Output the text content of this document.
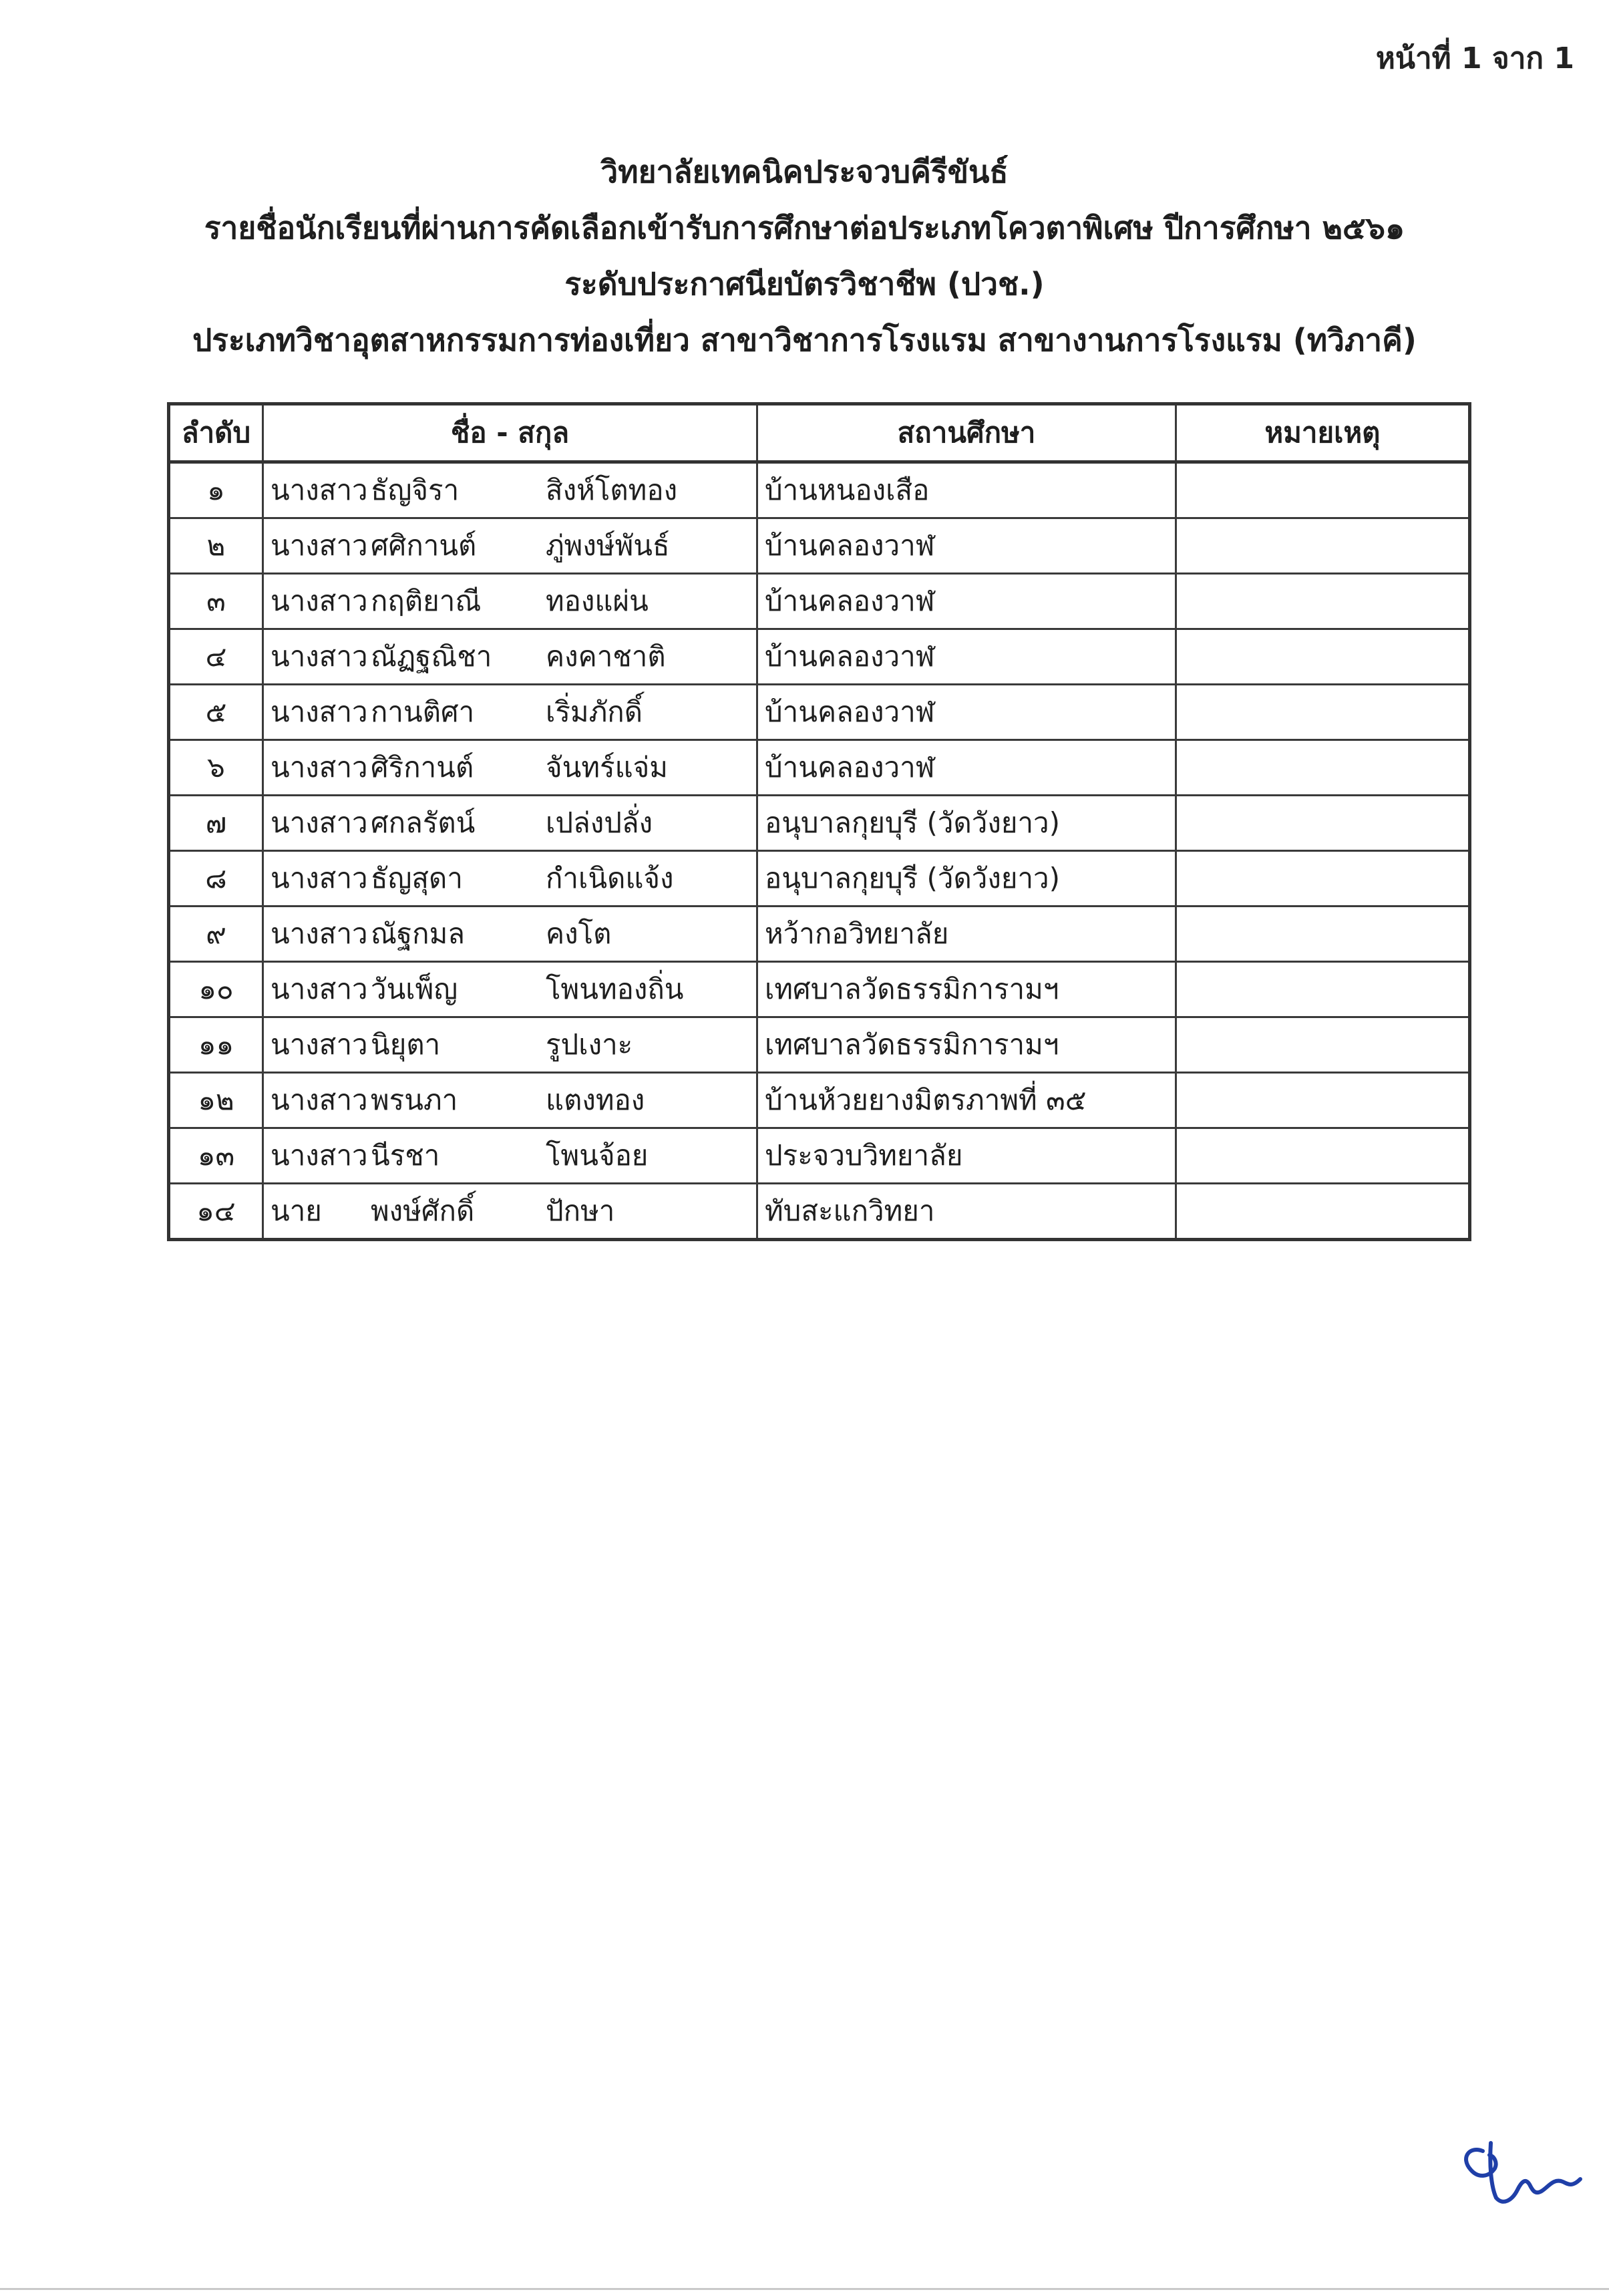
หน้าที่ 1 จาก 1
วิทยาลัยเทคนิคประจวบคีรีขันธ์
รายชื่อนักเรียนที่ผ่านการคัดเลือกเข้ารับการศึกษาต่อประเภทโควตาพิเศษ ปีการศึกษา ๒๕๖๑
ระดับประกาศนียบัตรวิชาชีพ (ปวช.)
ประเภทวิชาอุตสาหกรรมการท่องเที่ยว สาขาวิชาการโรงแรม สาขางานการโรงแรม (ทวิภาคี)
ลำดับ	ชื่อ - สกุล	สถานศึกษา	หมายเหตุ
๑	นางสาว ธัญจิรา สิงห์โตทอง	บ้านหนองเสือ	
๒	นางสาว ศศิกานต์ ภู่พงษ์พันธ์	บ้านคลองวาฬ	
๓	นางสาว กฤติยาณี ทองแผ่น	บ้านคลองวาฬ	
๔	นางสาว ณัฏฐณิชา คงคาชาติ	บ้านคลองวาฬ	
๕	นางสาว กานติศา เริ่มภักดิ์	บ้านคลองวาฬ	
๖	นางสาว ศิริกานต์ จันทร์แจ่ม	บ้านคลองวาฬ	
๗	นางสาว ศกลรัตน์ เปล่งปลั่ง	อนุบาลกุยบุรี (วัดวังยาว)	
๘	นางสาว ธัญสุดา กำเนิดแจ้ง	อนุบาลกุยบุรี (วัดวังยาว)	
๙	นางสาว ณัฐกมล คงโต	หว้ากอวิทยาลัย	
๑๐	นางสาว วันเพ็ญ โพนทองถิ่น	เทศบาลวัดธรรมิการามฯ	
๑๑	นางสาว นิยุตา รูปเงาะ	เทศบาลวัดธรรมิการามฯ	
๑๒	นางสาว พรนภา แตงทอง	บ้านห้วยยางมิตรภาพที่ ๓๕	
๑๓	นางสาว นีรชา โพนจ้อย	ประจวบวิทยาลัย	
๑๔	นาย พงษ์ศักดิ์ ปักษา	ทับสะแกวิทยา	
